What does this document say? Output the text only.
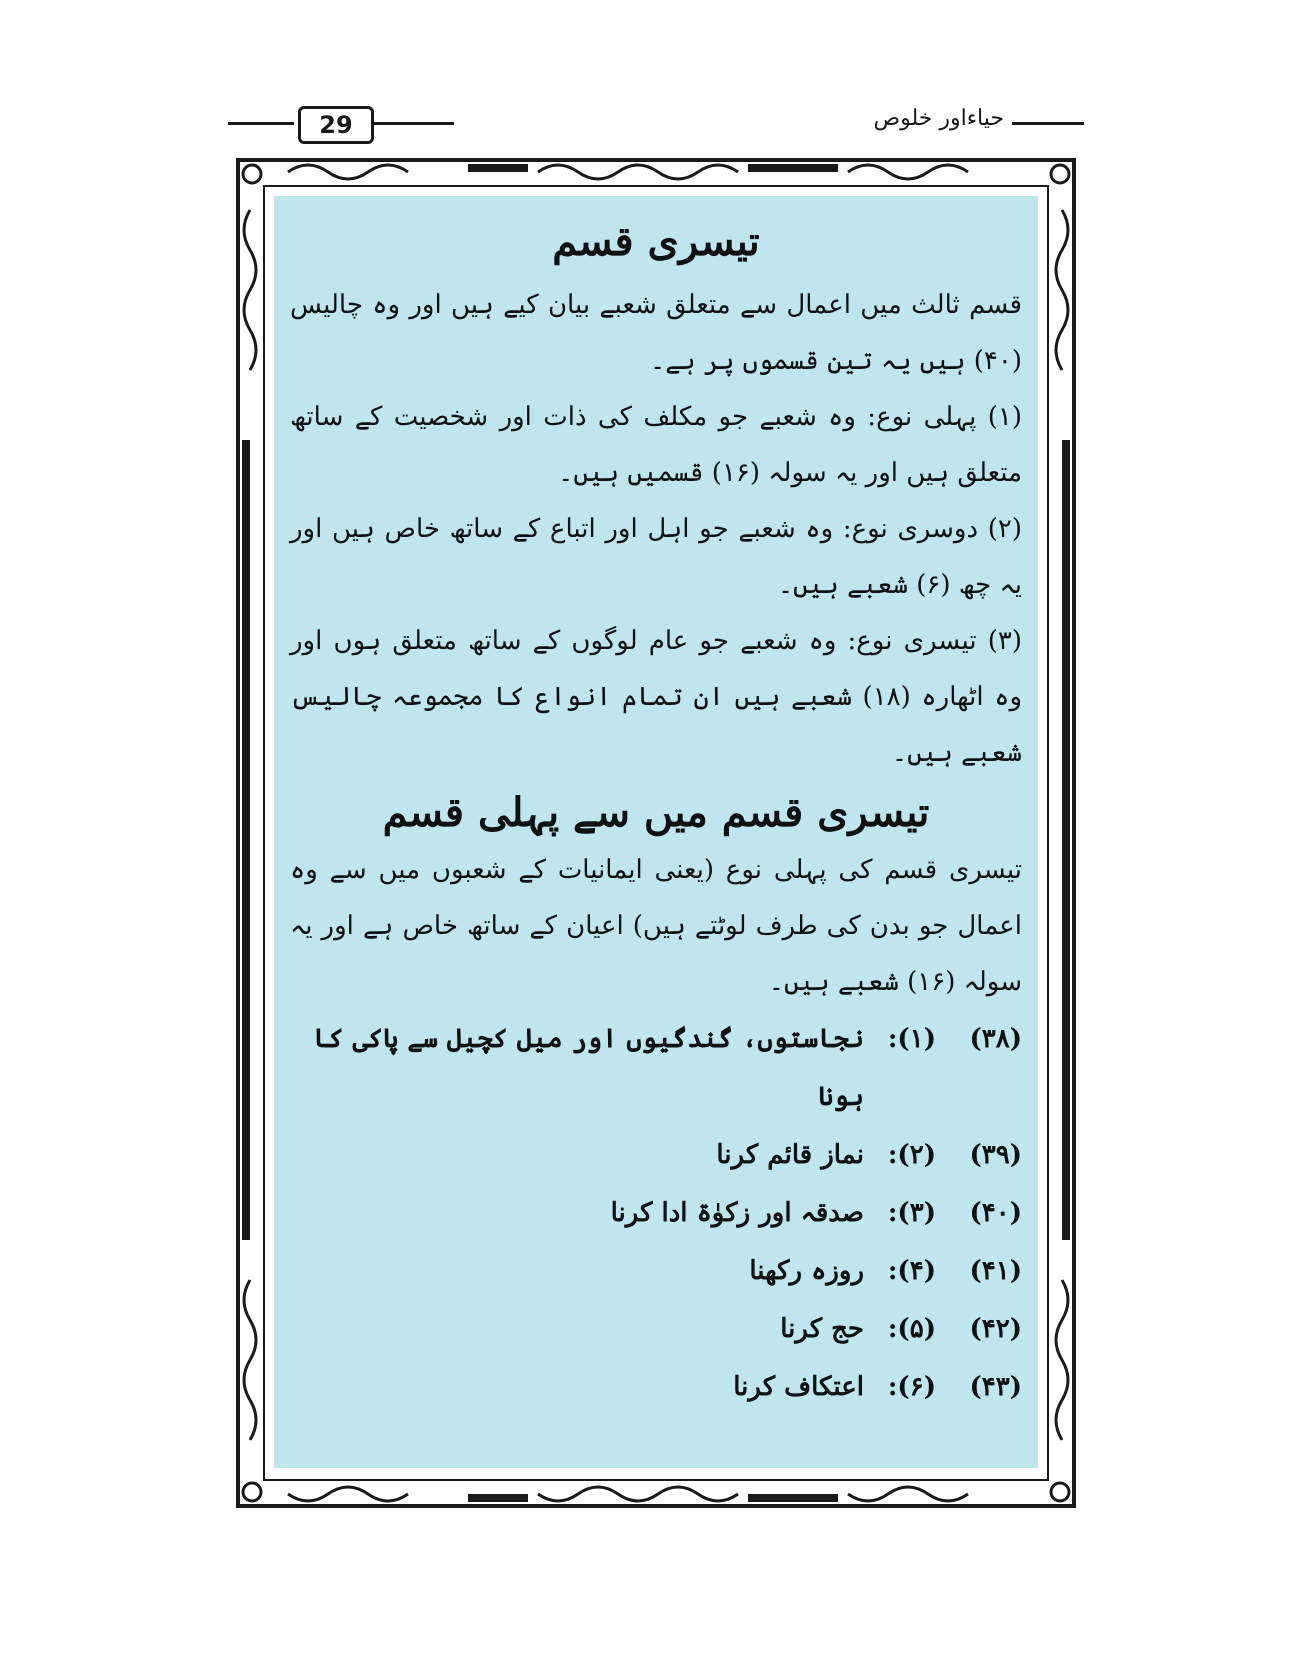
29	حیاءاور خلوص
تیسری قسم

قسم ثالث میں اعمال سے متعلق شعبے بیان کیے ہیں اور وہ چالیس (۴۰) ہیں یہ تین قسموں پر ہے۔

(۱) پہلی نوع: وہ شعبے جو مکلف کی ذات اور شخصیت کے ساتھ متعلق ہیں اور یہ سولہ (۱۶) قسمیں ہیں۔

(۲) دوسری نوع: وہ شعبے جو اہل اور اتباع کے ساتھ خاص ہیں اور یہ چھ (۶) شعبے ہیں۔

(۳) تیسری نوع: وہ شعبے جو عام لوگوں کے ساتھ متعلق ہوں اور وہ اٹھارہ (۱۸) شعبے ہیں ان تمام انواع کا مجموعہ چالیس شعبے ہیں۔

تیسری قسم میں سے پہلی قسم

تیسری قسم کی پہلی نوع (یعنی ایمانیات کے شعبوں میں سے وہ اعمال جو بدن کی طرف لوٹتے ہیں) اعیان کے ساتھ خاص ہے اور یہ سولہ (۱۶) شعبے ہیں۔

(۳۸)
(۱):
نجاستوں، گندگیوں اور میل کچیل سے پاکی کا ہونا
(۳۹)
(۲):
نماز قائم کرنا
(۴۰)
(۳):
صدقہ اور زکوٰۃ ادا کرنا
(۴۱)
(۴):
روزہ رکھنا
(۴۲)
(۵):
حج کرنا
(۴۳)
(۶):
اعتکاف کرنا
